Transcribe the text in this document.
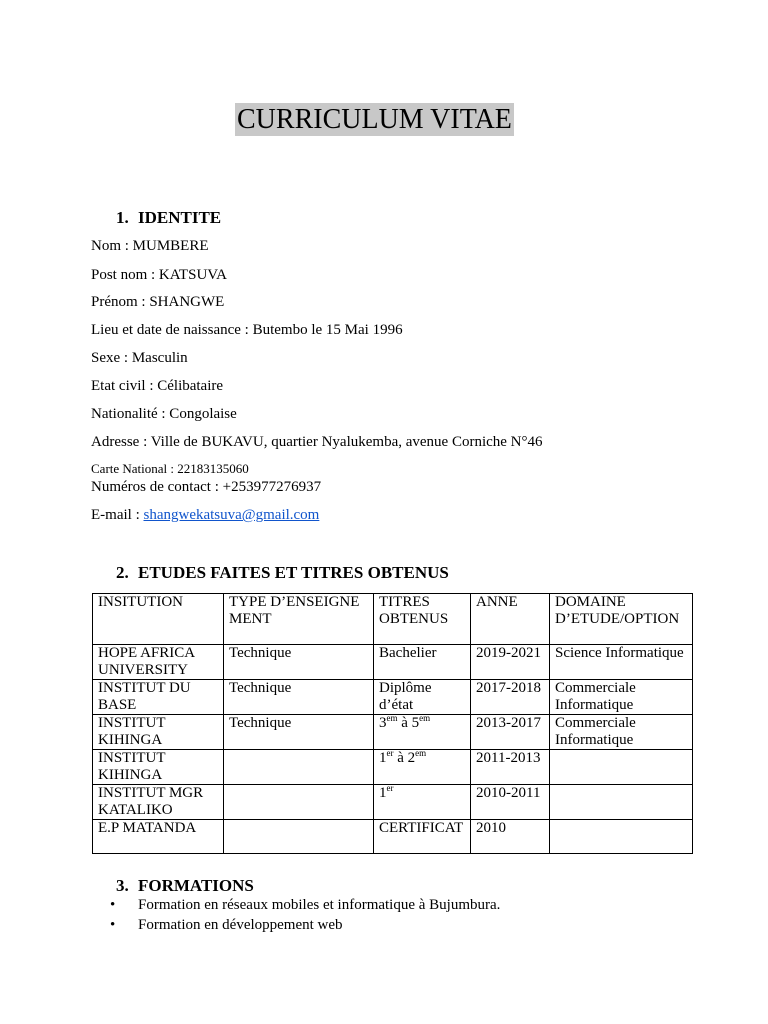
CURRICULUM VITAE
1. IDENTITE
Nom : MUMBERE
Post nom : KATSUVA
Prénom : SHANGWE
Lieu et date de naissance : Butembo le 15 Mai 1996
Sexe : Masculin
Etat civil : Célibataire
Nationalité : Congolaise
Adresse : Ville de BUKAVU, quartier Nyalukemba, avenue Corniche N°46
Carte National : 22183135060
Numéros de contact : +253977276937
E-mail : shangwekatsuva@gmail.com
2. ETUDES FAITES ET TITRES OBTENUS
INSITUTION	TYPE D’ENSEIGNEMENT	TITRES OBTENUS	ANNE	DOMAINE D’ETUDE/OPTION
HOPE AFRICA UNIVERSITY	Technique	Bachelier	2019-2021	Science Informatique
INSTITUT DU BASE	Technique	Diplôme d’état	2017-2018	Commerciale Informatique
INSTITUT KIHINGA	Technique	$3^{em}$ à $5^{em}$	2013-2017	Commerciale Informatique
INSTITUT KIHINGA		1er à $2^{em}$	2011-2013	
INSTITUT MGR KATALIKO		1er	2010-2011	
E.P MATANDA		CERTIFICAT	2010	
3. FORMATIONS
• Formation en réseaux mobiles et informatique à Bujumbura.
• Formation en développement web
